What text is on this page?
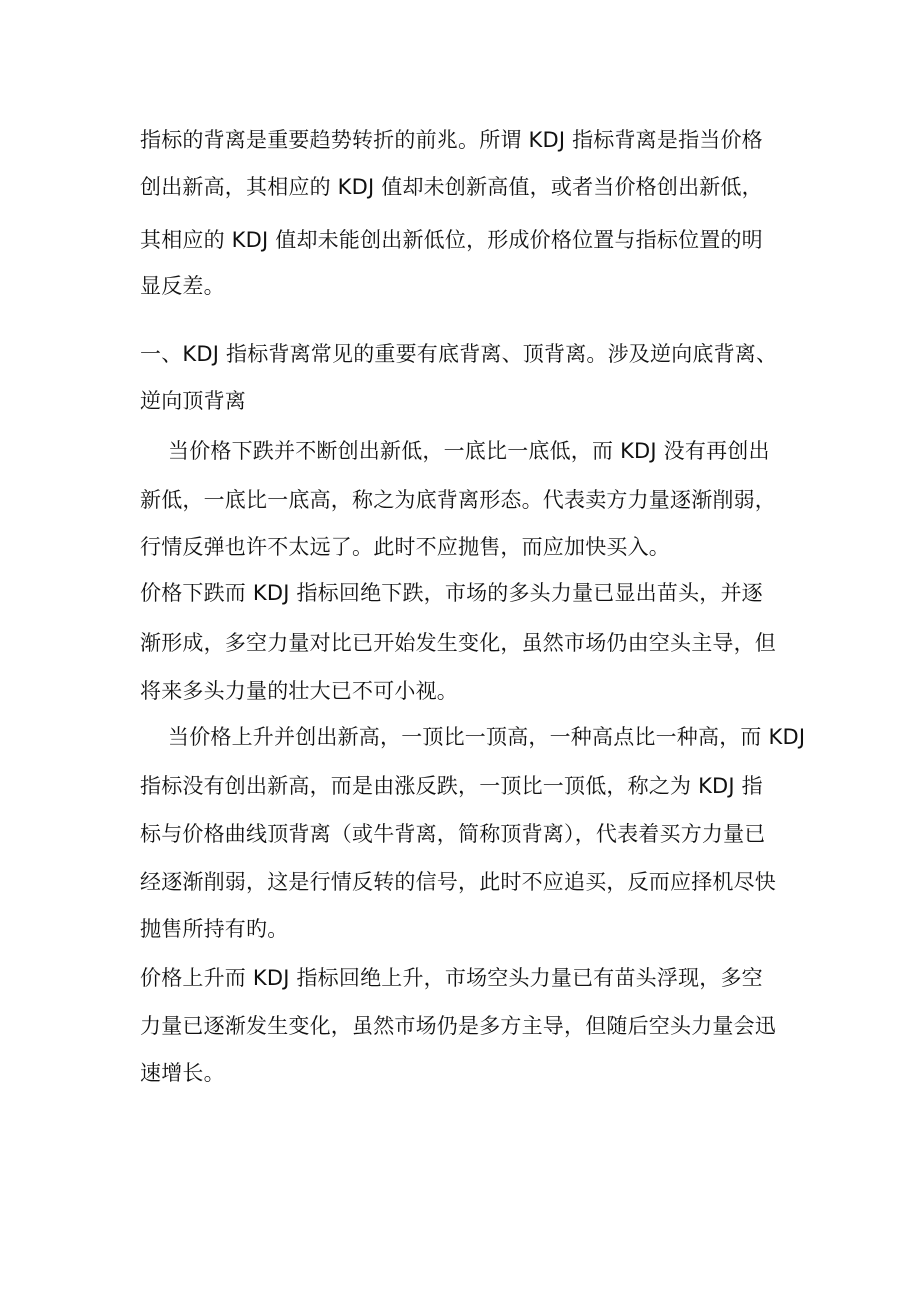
指标的背离是重要趋势转折的前兆。所谓 KDJ 指标背离是指当价格
创出新高，其相应的 KDJ 值却未创新高值，或者当价格创出新低，
其相应的 KDJ 值却未能创出新低位，形成价格位置与指标位置的明
显反差。
一、KDJ 指标背离常见的重要有底背离、顶背离。涉及逆向底背离、
逆向顶背离
当价格下跌并不断创出新低，一底比一底低，而 KDJ 没有再创出
新低，一底比一底高，称之为底背离形态。代表卖方力量逐渐削弱，
行情反弹也许不太远了。此时不应抛售，而应加快买入。
价格下跌而 KDJ 指标回绝下跌，市场的多头力量已显出苗头，并逐
渐形成，多空力量对比已开始发生变化，虽然市场仍由空头主导，但
将来多头力量的壮大已不可小视。
当价格上升并创出新高，一顶比一顶高，一种高点比一种高，而 KDJ
指标没有创出新高，而是由涨反跌，一顶比一顶低，称之为 KDJ 指
标与价格曲线顶背离（或牛背离，简称顶背离），代表着买方力量已
经逐渐削弱，这是行情反转的信号，此时不应追买，反而应择机尽快
抛售所持有旳。
价格上升而 KDJ 指标回绝上升，市场空头力量已有苗头浮现，多空
力量已逐渐发生变化，虽然市场仍是多方主导，但随后空头力量会迅
速增长。
